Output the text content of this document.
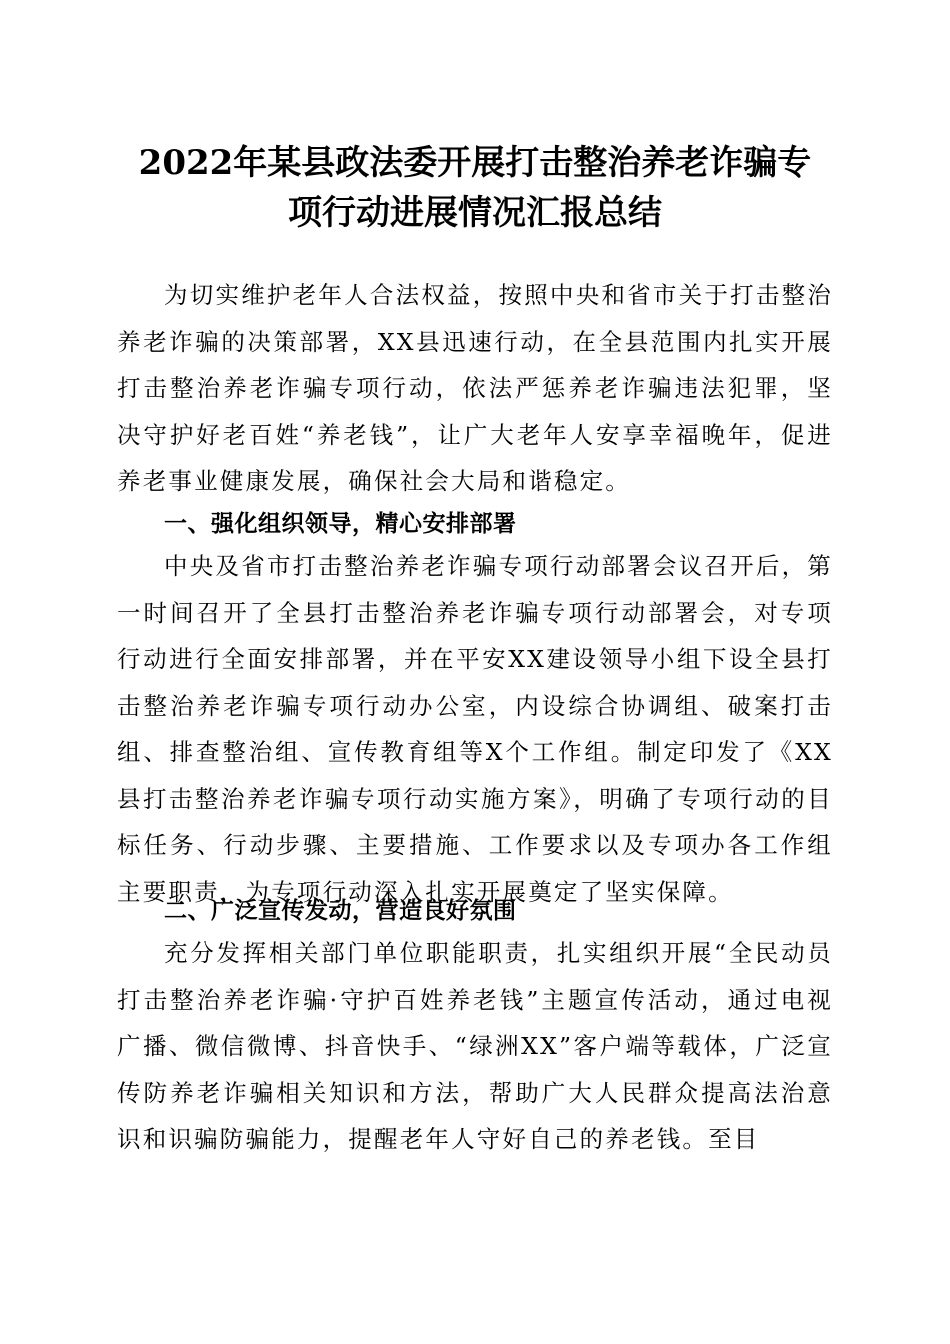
2022年某县政法委开展打击整治养老诈骗专
项行动进展情况汇报总结

为切实维护老年人合法权益，按照中央和省市关于打击整治养老诈骗的决策部署，XX县迅速行动，在全县范围内扎实开展打击整治养老诈骗专项行动，依法严惩养老诈骗违法犯罪，坚决守护好老百姓“养老钱”，让广大老年人安享幸福晚年，促进养老事业健康发展，确保社会大局和谐稳定。

一、强化组织领导，精心安排部署

中央及省市打击整治养老诈骗专项行动部署会议召开后，第一时间召开了全县打击整治养老诈骗专项行动部署会，对专项行动进行全面安排部署，并在平安XX建设领导小组下设全县打击整治养老诈骗专项行动办公室，内设综合协调组、破案打击组、排查整治组、宣传教育组等X个工作组。制定印发了《XX县打击整治养老诈骗专项行动实施方案》，明确了专项行动的目标任务、行动步骤、主要措施、工作要求以及专项办各工作组主要职责，为专项行动深入扎实开展奠定了坚实保障。

二、广泛宣传发动，营造良好氛围

充分发挥相关部门单位职能职责，扎实组织开展“全民动员打击整治养老诈骗·守护百姓养老钱”主题宣传活动，通过电视广播、微信微博、抖音快手、“绿洲XX”客户端等载体，广泛宣传防养老诈骗相关知识和方法，帮助广大人民群众提高法治意识和识骗防骗能力，提醒老年人守好自己的养老钱。至目
